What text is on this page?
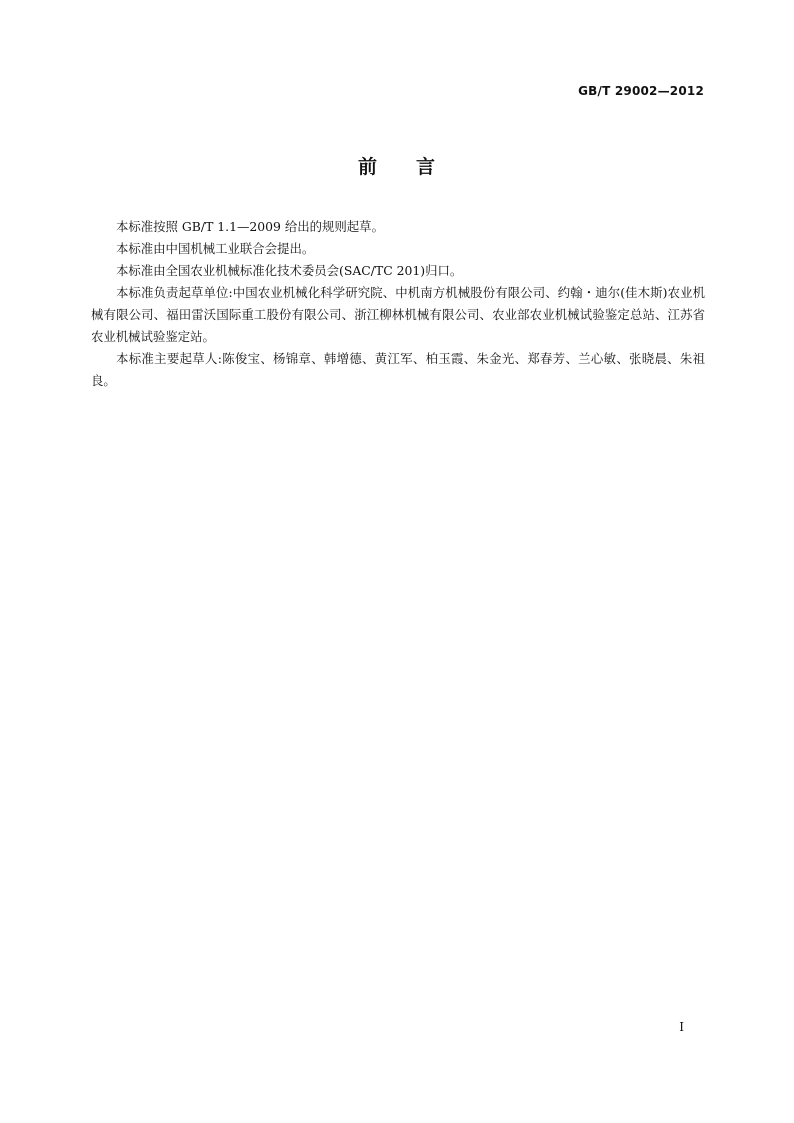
GB/T 29002—2012
前 言

本标准按照 GB/T 1.1—2009 给出的规则起草。

本标准由中国机械工业联合会提出。

本标准由全国农业机械标准化技术委员会(SAC/TC 201)归口。

本标准负责起草单位:中国农业机械化科学研究院、中机南方机械股份有限公司、约翰・迪尔(佳木斯)农业机械有限公司、福田雷沃国际重工股份有限公司、浙江柳林机械有限公司、农业部农业机械试验鉴定总站、江苏省农业机械试验鉴定站。

本标准主要起草人:陈俊宝、杨锦章、韩增德、黄江军、柏玉霞、朱金光、郑春芳、兰心敏、张晓晨、朱祖良。

I
